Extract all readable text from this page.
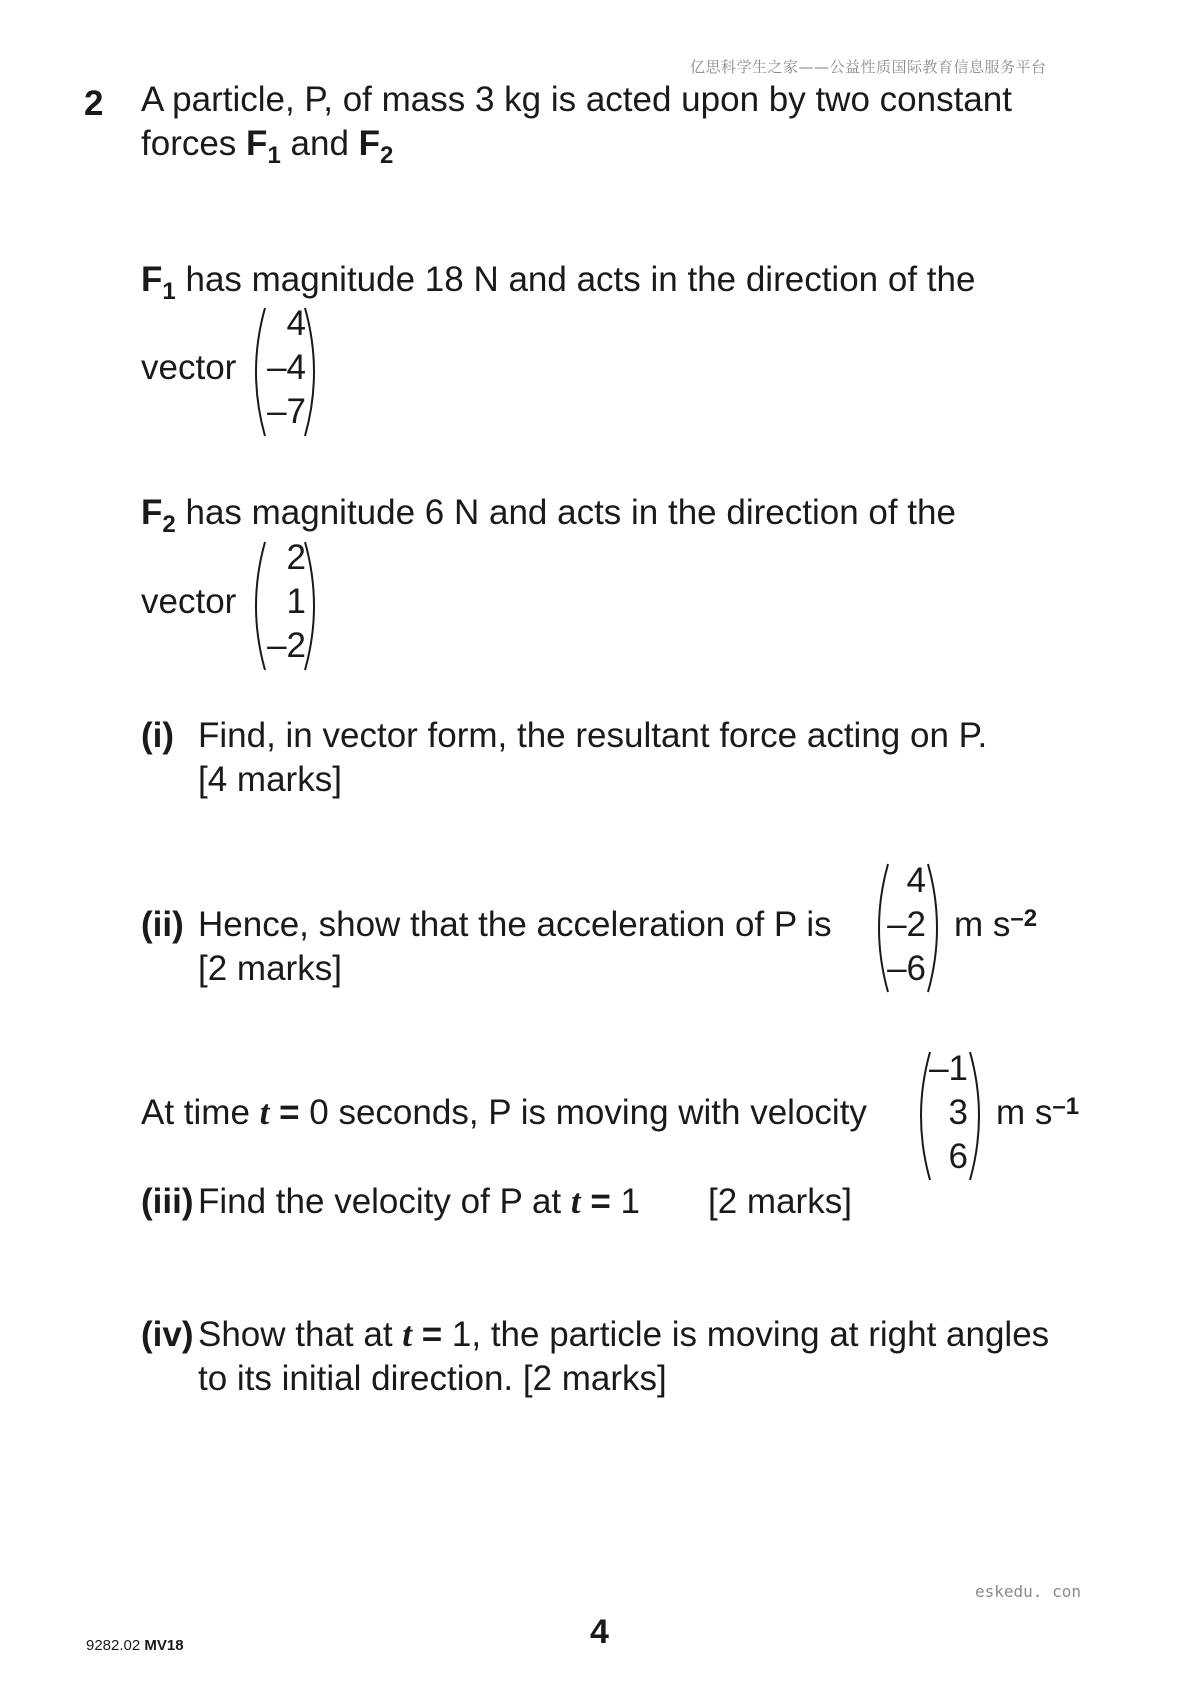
亿思科学生之家——公益性质国际教育信息服务平台
2 A particle, P, of mass 3 kg is acted upon by two constant
forces $F_1$ and $F_2$
$F_1$ has magnitude 18 N and acts in the direction of the
vector
4
–4
–7
$F_2$ has magnitude 6 N and acts in the direction of the
vector
2
1
–2
(i) Find, in vector form, the resultant force acting on P.
[4 marks]
(ii) Hence, show that the acceleration of P is
4
–2
–6
m $s^{-2}$
[2 marks]
At time t = 0 seconds, P is moving with velocity
–1
3
6
m $s^{-1}$
(iii) Find the velocity of P at t = 1 [2 marks]
(iv) Show that at t = 1, the particle is moving at right angles
to its initial direction. [2 marks]
eskedu. con
9282.02 MV18	4
